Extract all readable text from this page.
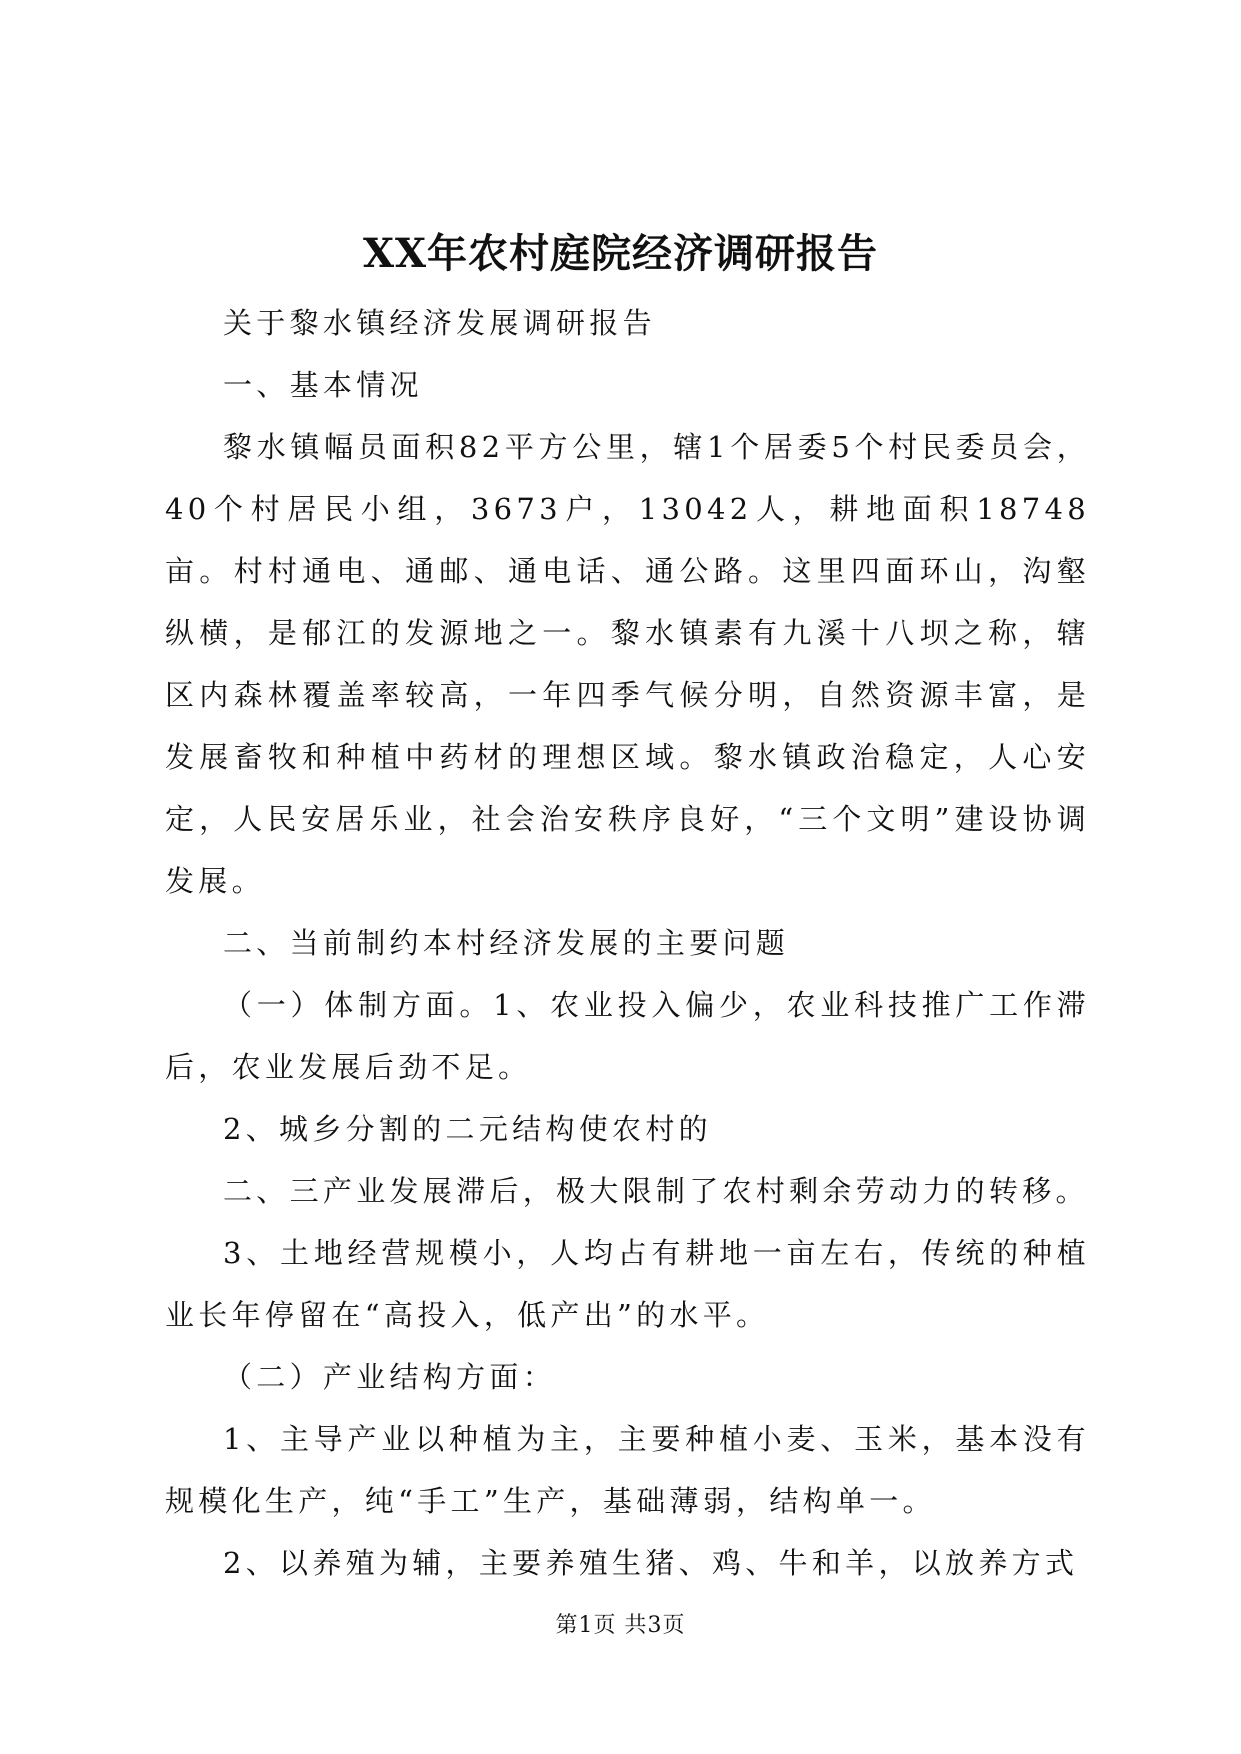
XX年农村庭院经济调研报告

关于黎水镇经济发展调研报告

一、基本情况

黎水镇幅员面积82平方公里，辖1个居委5个村民委员会，40个村居民小组，3673户，13042人，耕地面积18748亩。村村通电、通邮、通电话、通公路。这里四面环山，沟壑纵横，是郁江的发源地之一。黎水镇素有九溪十八坝之称，辖区内森林覆盖率较高，一年四季气候分明，自然资源丰富，是发展畜牧和种植中药材的理想区域。黎水镇政治稳定，人心安定，人民安居乐业，社会治安秩序良好，“三个文明”建设协调发展。

二、当前制约本村经济发展的主要问题

（一）体制方面。1、农业投入偏少，农业科技推广工作滞后，农业发展后劲不足。

2、城乡分割的二元结构使农村的

二、三产业发展滞后，极大限制了农村剩余劳动力的转移。

3、土地经营规模小，人均占有耕地一亩左右，传统的种植业长年停留在“高投入，低产出”的水平。

（二）产业结构方面：

1、主导产业以种植为主，主要种植小麦、玉米，基本没有规模化生产，纯“手工”生产，基础薄弱，结构单一。

2、以养殖为辅，主要养殖生猪、鸡、牛和羊，以放养方式

第1页 共3页
